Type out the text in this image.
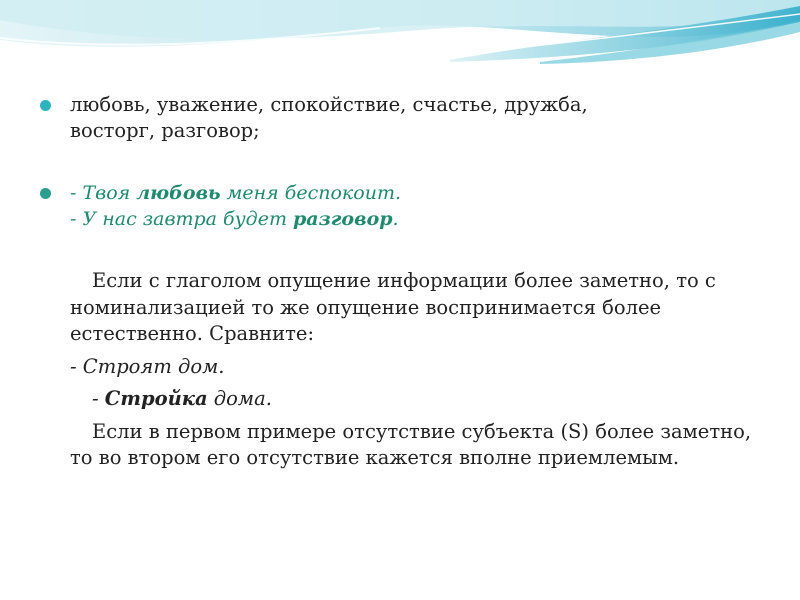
любовь, уважение, спокойствие, счастье, дружба,
восторг, разговор;
- Твоя любовь меня беспокоит.
- У нас завтра будет разговор.
Если с глаголом опущение информации более заметно, то с номинализацией то же опущение воспринимается более естественно. Сравните:
- Строят дом.
- Стройка дома.
Если в первом примере отсутствие субъекта (S) более заметно, то во втором его отсутствие кажется вполне приемлемым.
